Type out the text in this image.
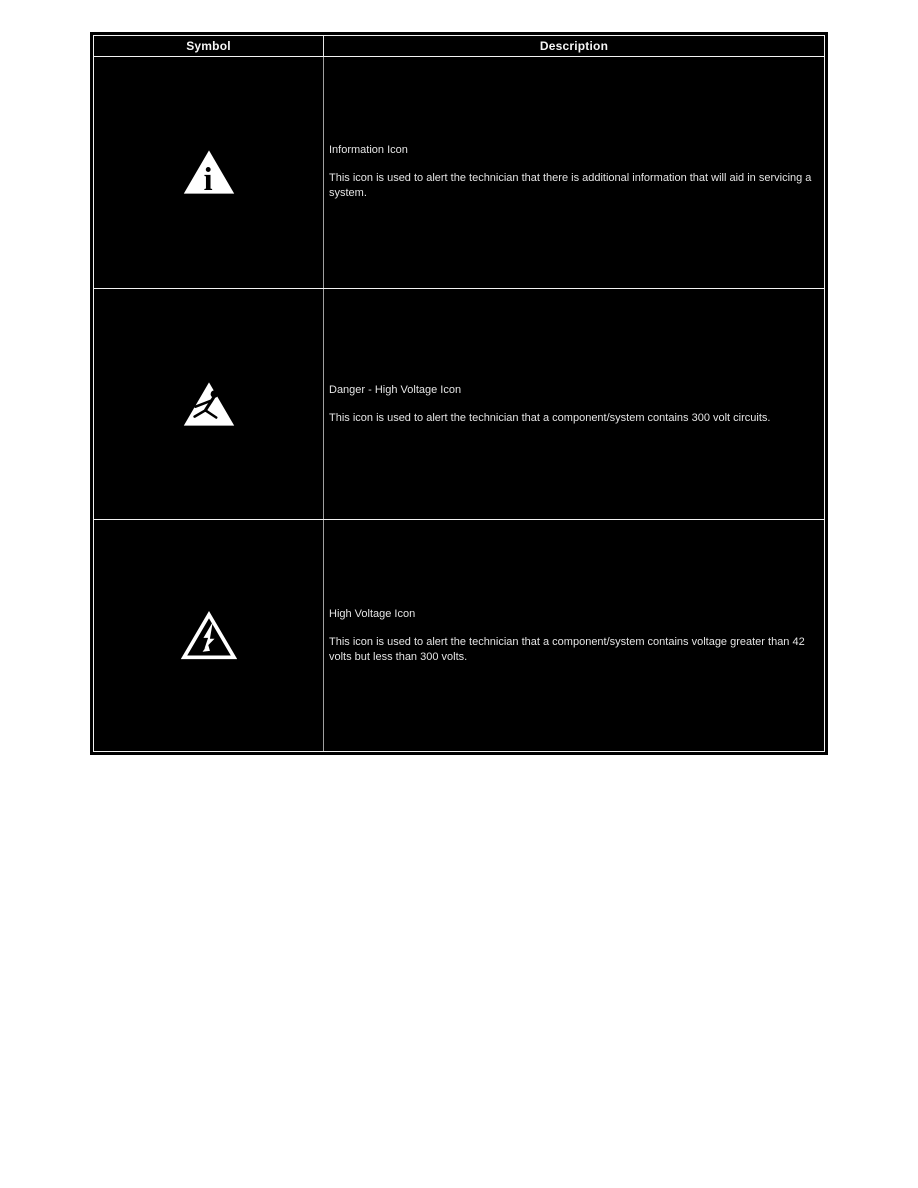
Symbol	Description
i

Information Icon

This icon is used to alert the technician that there is additional information that will aid in servicing a system.

Danger - High Voltage Icon

This icon is used to alert the technician that a component/system contains 300 volt circuits.

High Voltage Icon

This icon is used to alert the technician that a component/system contains voltage greater than 42 volts but less than 300 volts.
